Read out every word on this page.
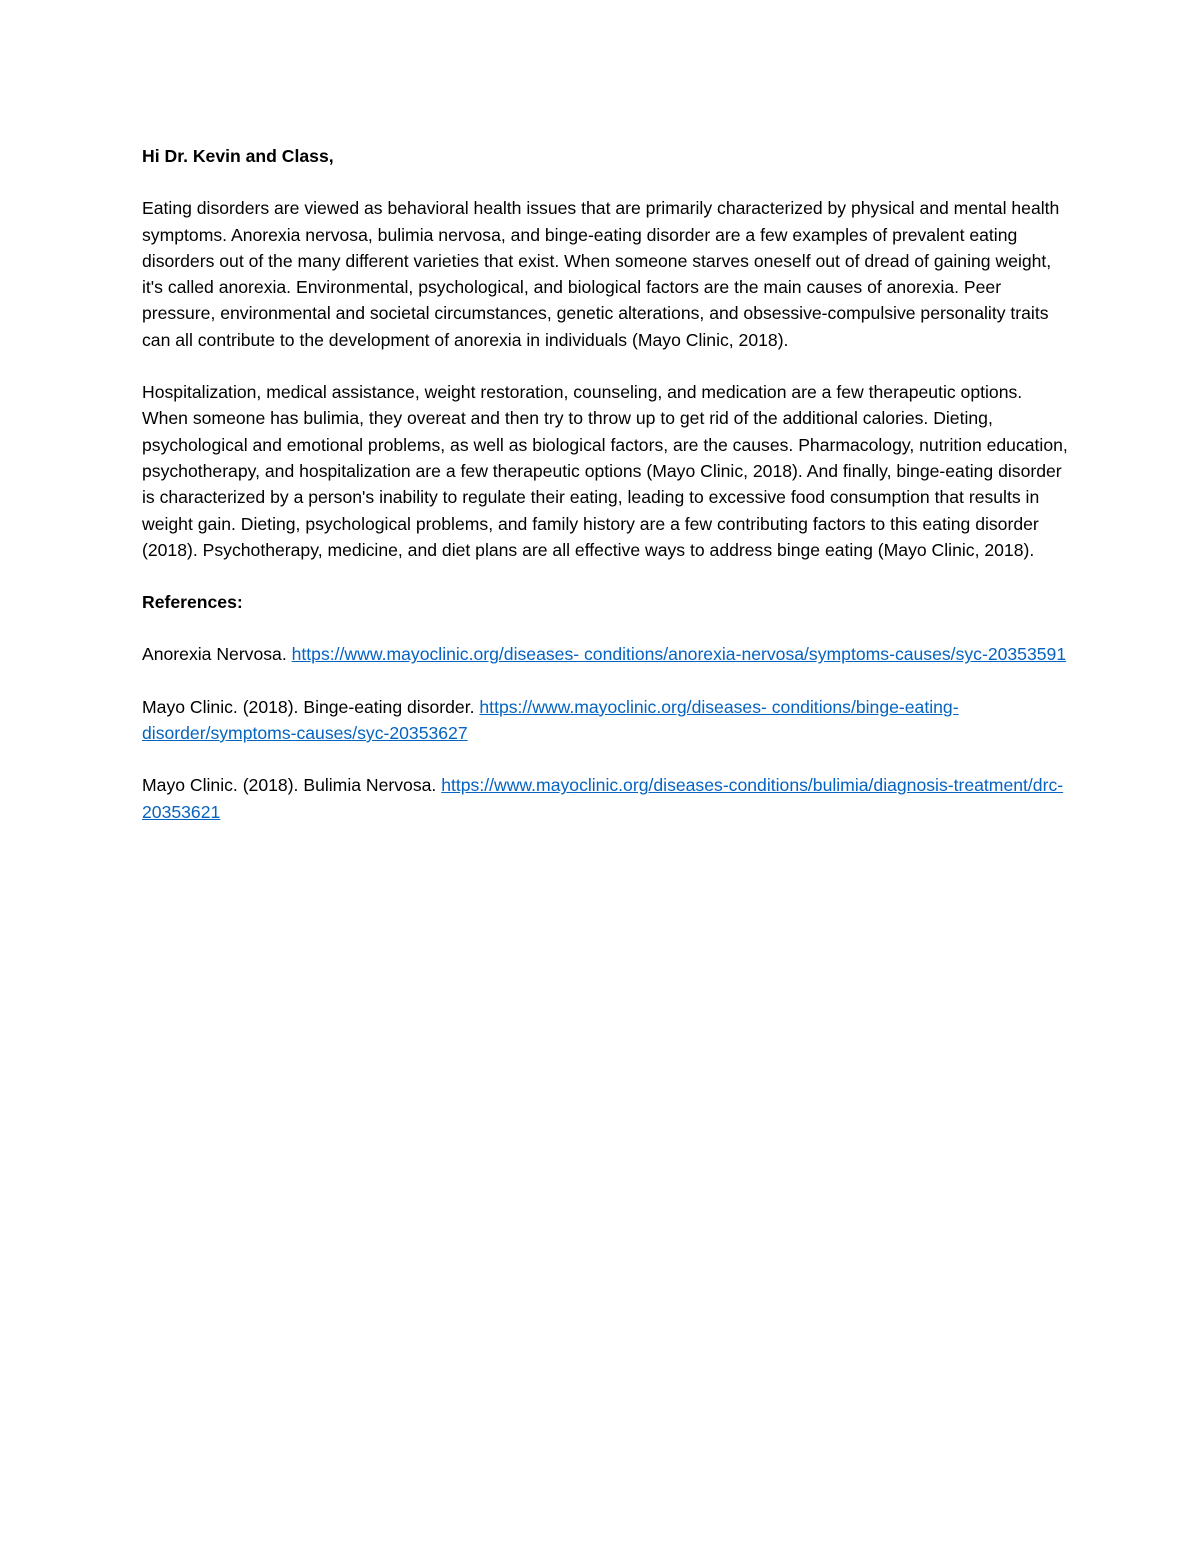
Hi Dr. Kevin and Class,

Eating disorders are viewed as behavioral health issues that are primarily characterized by physical and mental health symptoms. Anorexia nervosa, bulimia nervosa, and binge-eating disorder are a few examples of prevalent eating disorders out of the many different varieties that exist. When someone starves oneself out of dread of gaining weight, it's called anorexia. Environmental, psychological, and biological factors are the main causes of anorexia. Peer pressure, environmental and societal circumstances, genetic alterations, and obsessive-compulsive personality traits can all contribute to the development of anorexia in individuals (Mayo Clinic, 2018).

Hospitalization, medical assistance, weight restoration, counseling, and medication are a few therapeutic options. When someone has bulimia, they overeat and then try to throw up to get rid of the additional calories. Dieting, psychological and emotional problems, as well as biological factors, are the causes. Pharmacology, nutrition education, psychotherapy, and hospitalization are a few therapeutic options (Mayo Clinic, 2018). And finally, binge-eating disorder is characterized by a person's inability to regulate their eating, leading to excessive food consumption that results in weight gain. Dieting, psychological problems, and family history are a few contributing factors to this eating disorder (2018). Psychotherapy, medicine, and diet plans are all effective ways to address binge eating (Mayo Clinic, 2018).

References:

Anorexia Nervosa. https://www.mayoclinic.org/diseases- conditions/anorexia-nervosa/symptoms-causes/syc-20353591

Mayo Clinic. (2018). Binge-eating disorder. https://www.mayoclinic.org/diseases- conditions/binge-eating-disorder/symptoms-causes/syc-20353627

Mayo Clinic. (2018). Bulimia Nervosa. https://www.mayoclinic.org/diseases-conditions/bulimia/diagnosis-treatment/drc-20353621
